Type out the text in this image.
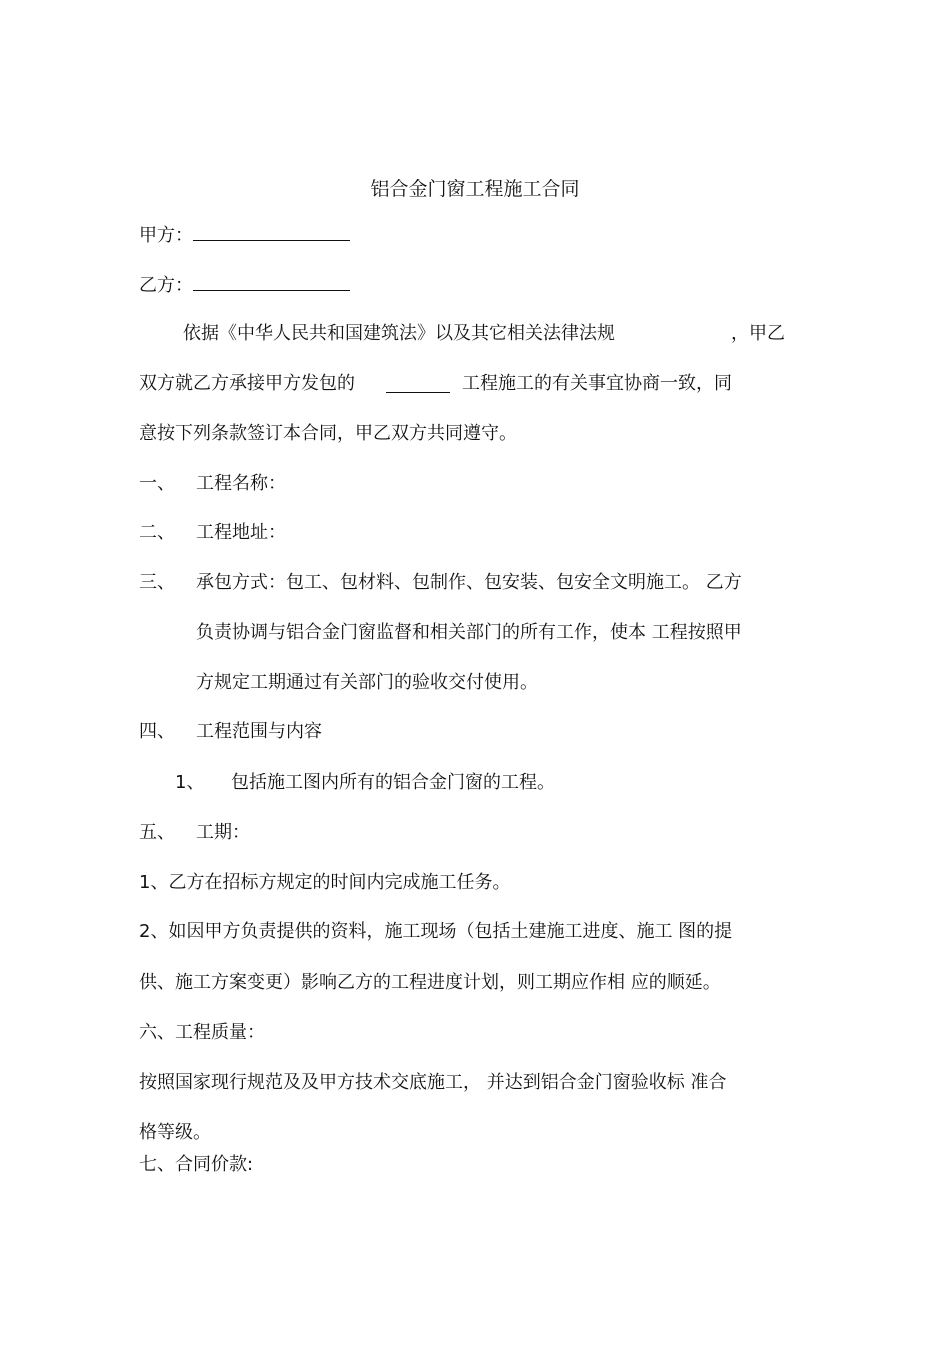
铝合金门窗工程施工合同
甲方：
乙方：
依据《中华人民共和国建筑法》以及其它相关法律法规	，甲乙
双方就乙方承接甲方发包的	工程施工的有关事宜协商一致，同
意按下列条款签订本合同，甲乙双方共同遵守。
一、 工程名称：
二、 工程地址：
三、 承包方式：包工、包材料、包制作、包安装、包安全文明施工。 乙方
负责协调与铝合金门窗监督和相关部门的所有工作，使本 工程按照甲
方规定工期通过有关部门的验收交付使用。
四、 工程范围与内容
1、 包括施工图内所有的铝合金门窗的工程。
五、 工期：
1、乙方在招标方规定的时间内完成施工任务。
2、如因甲方负责提供的资料，施工现场（包括土建施工进度、施工 图的提
供、施工方案变更）影响乙方的工程进度计划，则工期应作相 应的顺延。
六、工程质量：
按照国家现行规范及及甲方技术交底施工， 并达到铝合金门窗验收标 准合
格等级。
七、合同价款:
